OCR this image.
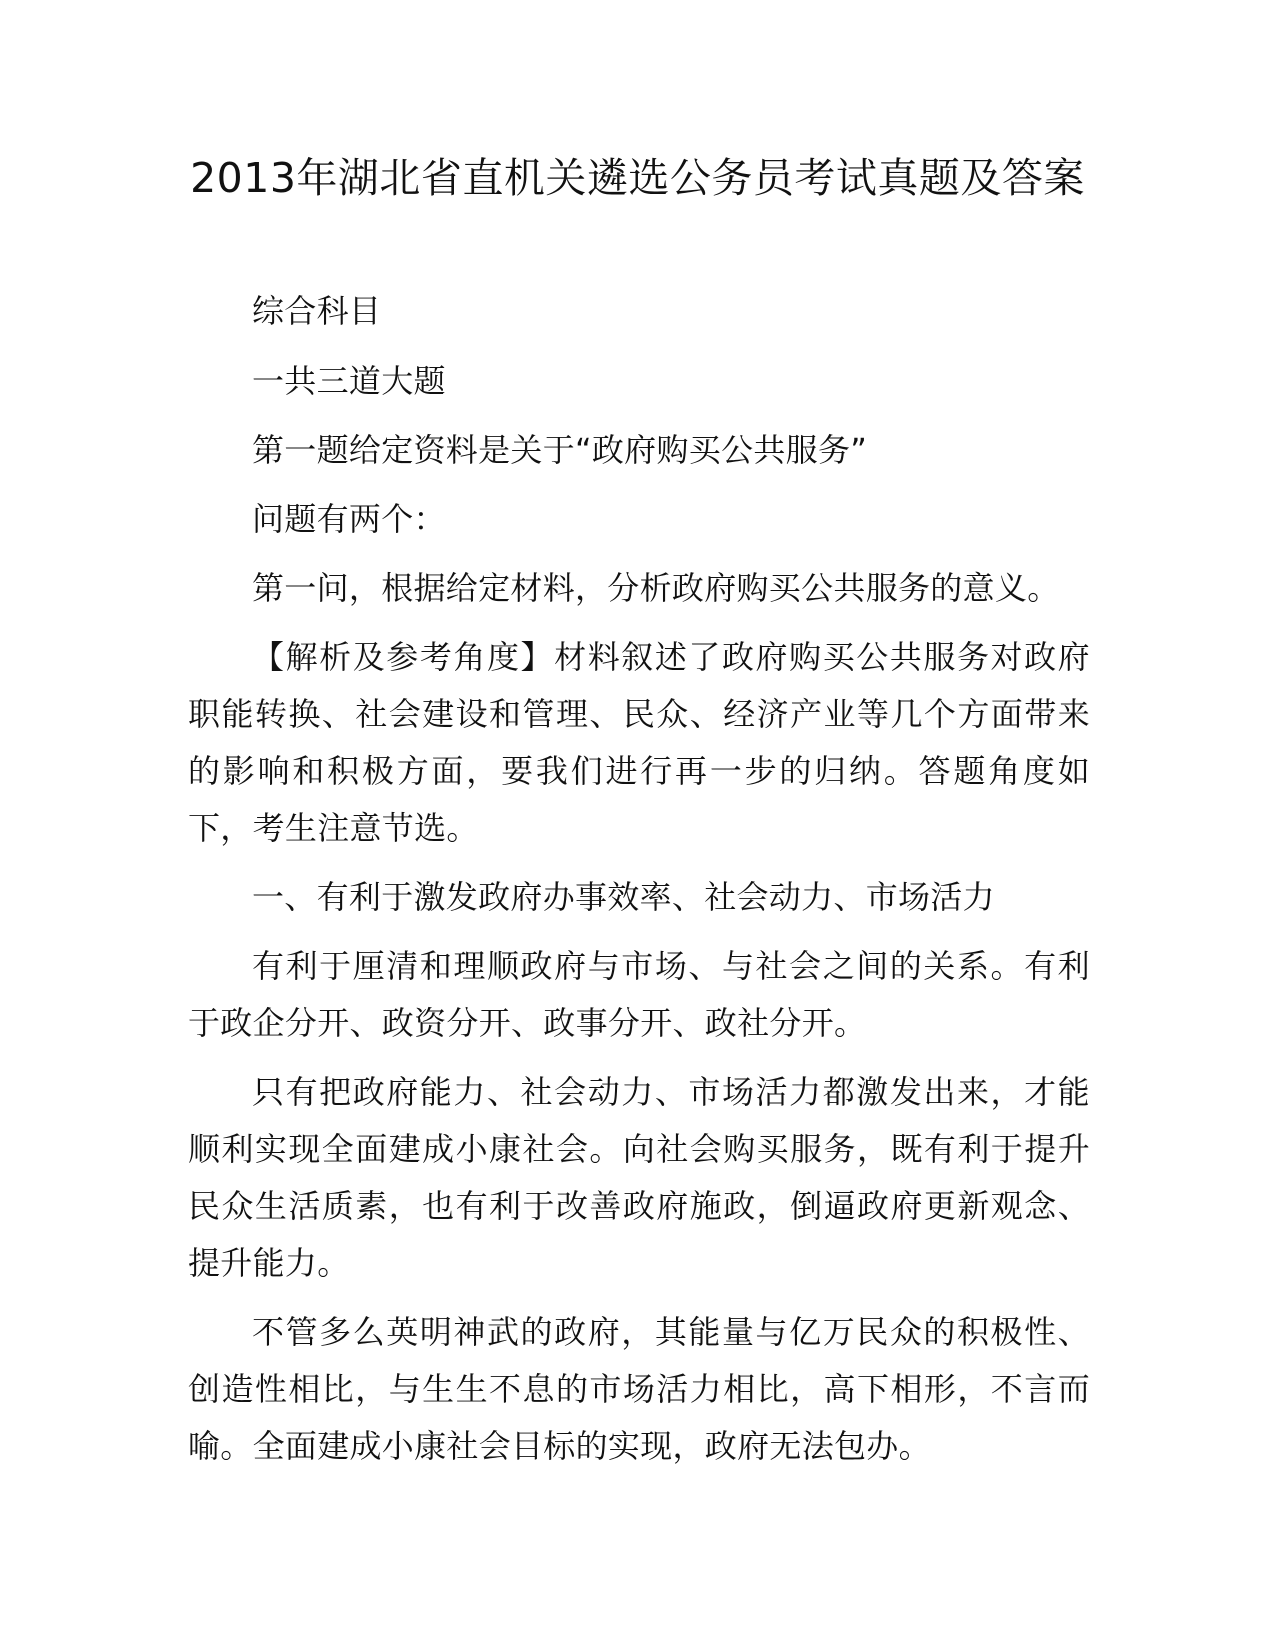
2013年湖北省直机关遴选公务员考试真题及答案

综合科目

一共三道大题

第一题给定资料是关于“政府购买公共服务”

问题有两个：

第一问，根据给定材料，分析政府购买公共服务的意义。

【解析及参考角度】材料叙述了政府购买公共服务对政府职能转换、社会建设和管理、民众、经济产业等几个方面带来的影响和积极方面，要我们进行再一步的归纳。答题角度如下，考生注意节选。

一、有利于激发政府办事效率、社会动力、市场活力

有利于厘清和理顺政府与市场、与社会之间的关系。有利于政企分开、政资分开、政事分开、政社分开。

只有把政府能力、社会动力、市场活力都激发出来，才能顺利实现全面建成小康社会。向社会购买服务，既有利于提升民众生活质素，也有利于改善政府施政，倒逼政府更新观念、提升能力。

不管多么英明神武的政府，其能量与亿万民众的积极性、创造性相比，与生生不息的市场活力相比，高下相形，不言而喻。全面建成小康社会目标的实现，政府无法包办。
